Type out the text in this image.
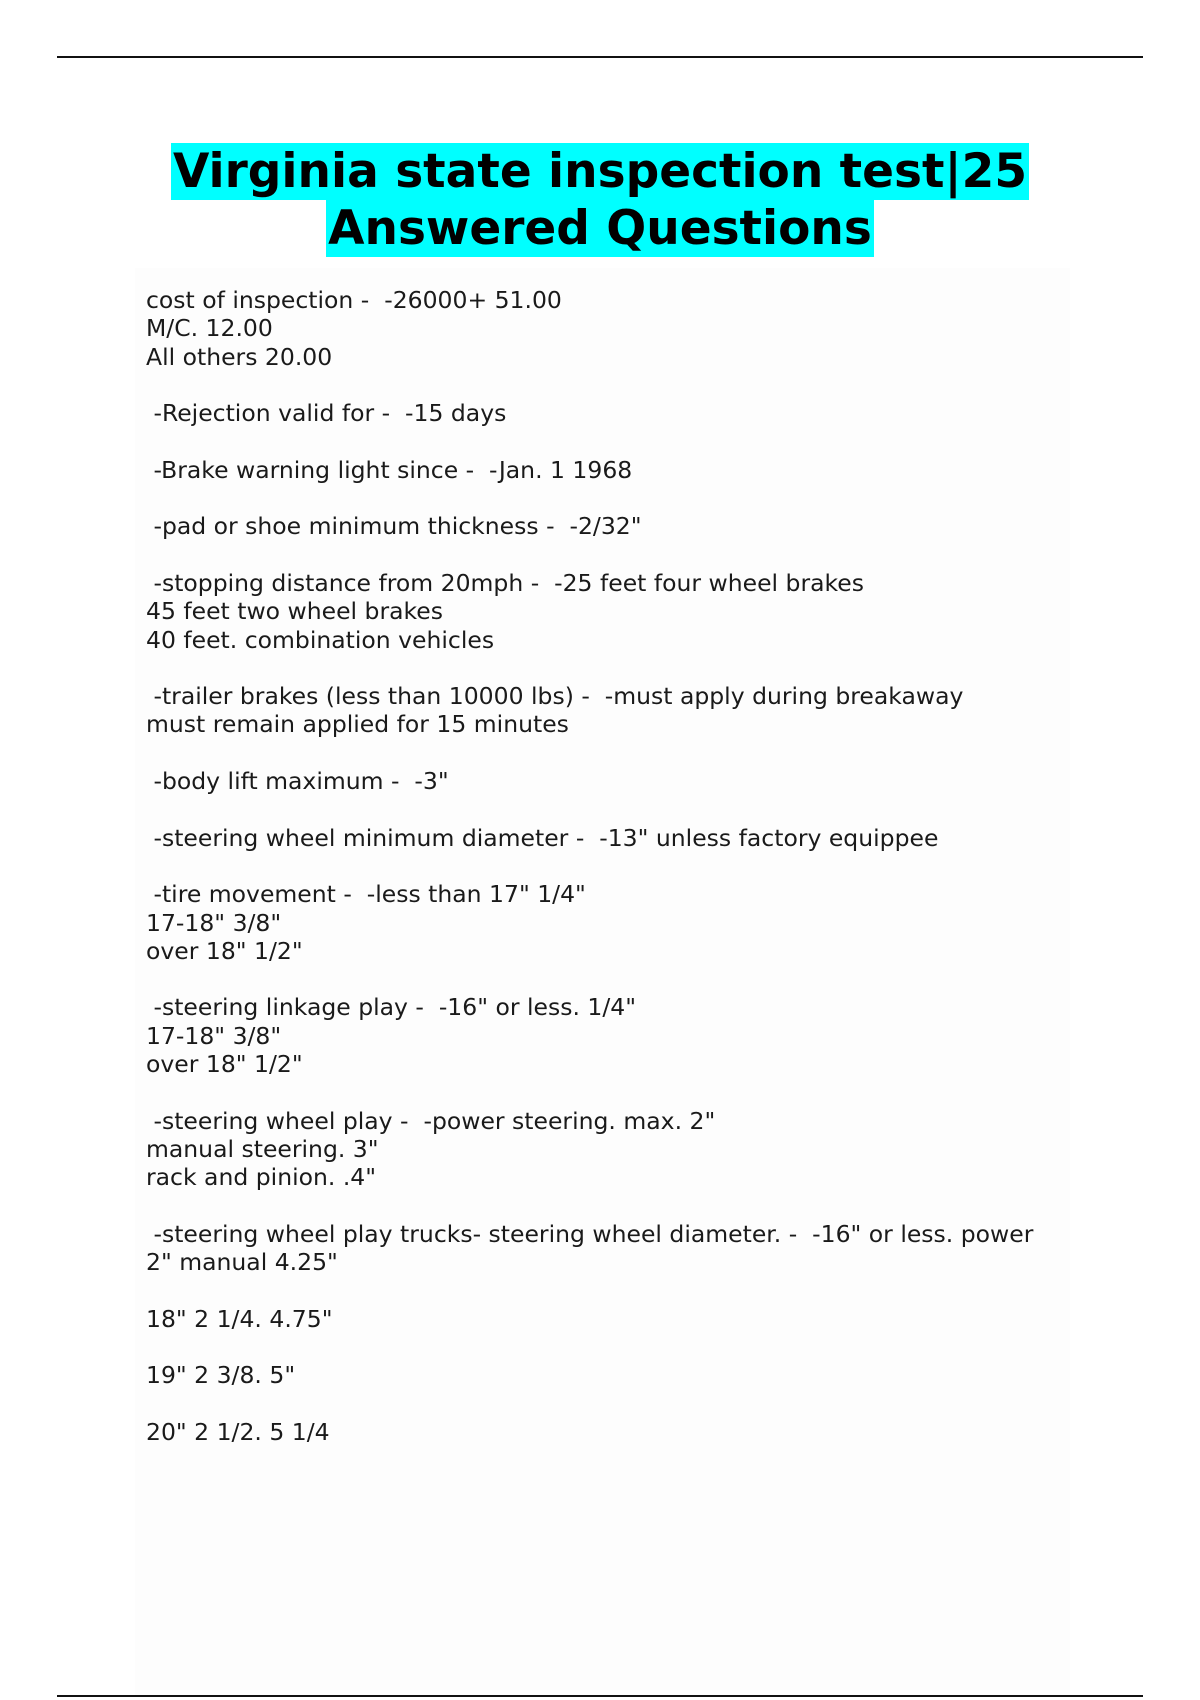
Virginia state inspection test|25
Answered Questions
cost of inspection -  -26000+ 51.00
M/C. 12.00
All others 20.00
-Rejection valid for -  -15 days
-Brake warning light since -  -Jan. 1 1968
-pad or shoe minimum thickness -  -2/32"
-stopping distance from 20mph -  -25 feet four wheel brakes
45 feet two wheel brakes
40 feet. combination vehicles
-trailer brakes (less than 10000 lbs) -  -must apply during breakaway
must remain applied for 15 minutes
-body lift maximum -  -3"
-steering wheel minimum diameter -  -13" unless factory equippee
-tire movement -  -less than 17" 1/4"
17-18" 3/8"
over 18" 1/2"
-steering linkage play -  -16" or less. 1/4"
17-18" 3/8"
over 18" 1/2"
-steering wheel play -  -power steering. max. 2"
manual steering. 3"
rack and pinion. .4"
-steering wheel play trucks- steering wheel diameter. -  -16" or less. power
2" manual 4.25"
18" 2 1/4. 4.75"
19" 2 3/8. 5"
20" 2 1/2. 5 1/4
